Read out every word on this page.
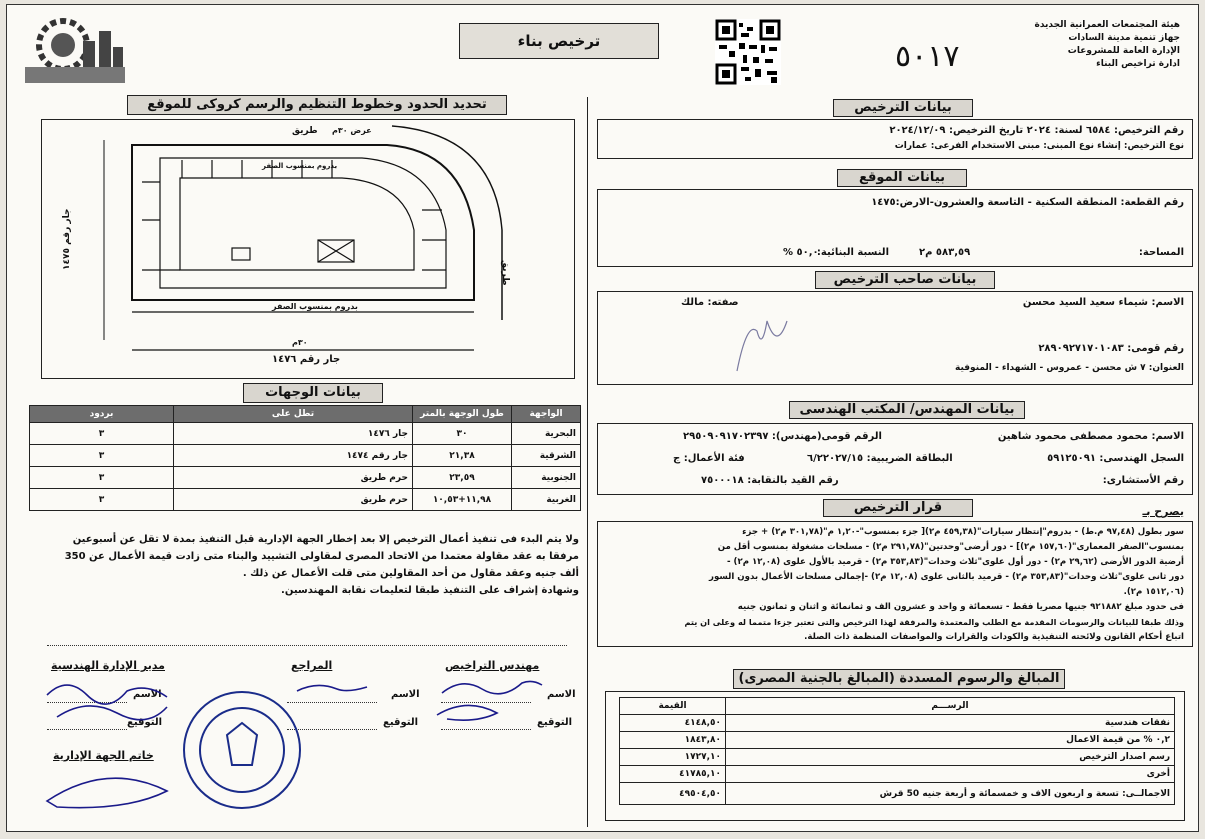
ترخيص بناء	٥٠١٧
هيئة المجتمعات العمرانية الجديدة
جهاز تنمية مدينة السادات
الإدارة العامة للمشروعات
ادارة تراخيص البناء
تحديد الحدود وخطوط التنظيم والرسم كروكى للموقع
طريق عرض ٣٠م
بدروم بمنسوب الصفر
بدروم بمنسوب الصفر
٣٠م
جار رقم ١٤٧٦
جار رقم ١٤٧٥
طريق
بيانات الوجهات
الواجهة	طول الوجهة بالمتر	تطل على	بردود
البحرية	٣٠	جار ١٤٧٦	٣
الشرقية	٢١,٣٨	جار رقم ١٤٧٤	٣
الجنوبية	٢٣,٥٩	حرم طريق	٣
الغربية	١١,٩٨+١٠,٥٣	حرم طريق	٣
ولا يتم البدء فى تنفيذ أعمال الترخيص إلا بعد إخطار الجهة الإدارية قبل التنفيذ بمدة لا تقل عن أسبوعين
مرفقا به عقد مقاولة معتمدا من الاتحاد المصرى لمقاولى التشييد والبناء متى زادت قيمة الأعمال عن 350
ألف جنيه وعقد مقاول من أحد المقاولين متى قلت الأعمال عن ذلك .
وشهادة إشراف على التنفيذ طبقا لتعليمات نقابة المهندسين.
مدير الإدارة الهندسية	المراجع	مهندس التراخيص
الاسم
التوقيع
الاسم
التوقيع
الاسم
التوقيع
خاتم الجهة الإدارية
بيانات الترخيص
رقم الترخيص: ٦٥٨٤ لسنة: ٢٠٢٤ تاريخ الترخيص: ٢٠٢٤/١٢/٠٩
نوع الترخيص: إنشاء نوع المبنى: مبنى الاستخدام الفرعى: عمارات
بيانات الموقع
رقم القطعة: المنطقة السكنية - التاسعة والعشرون-الارض:١٤٧٥
المساحة:
٥٨٣,٥٩ م٢
النسبة البنائية:
٥٠,٠ %
بيانات صاحب الترخيص
الاسم: شيماء سعيد السيد محسن
صفته: مالك
رقم قومى: ٢٨٩٠٩٢٧١٧٠١٠٨٣
العنوان: ٧ ش محسن - عمروس - الشهداء - المنوفية
بيانات المهندس/ المكتب الهندسى
الاسم: محمود مصطفى محمود شاهين
الرقم قومى(مهندس): ٢٩٥٠٩٠٩١٧٠٢٣٩٧
السجل الهندسى: ٥٩١٢٥٠٩١
البطاقة الضريبية: ٦/٢٢٠٢٧/١٥
فئة الأعمال: ج
رقم الأستشارى:
رقم القيد بالنقابة: ٧٥٠٠٠١٨
يصرح بـ
قرار الترخيص
سور بطول (٩٧,٤٨ م.ط) - بدروم"إنتظار سيارات"(٤٥٩,٣٨ م٢)[ جزء بمنسوب"-١,٢٠ م"(٣٠١,٧٨ م٢) + جزء
بمنسوب"الصفر المعمارى"(١٥٧,٦٠ م٢)] - دور أرضى"وحدتين"(٢٩١,٧٨ م٢) - مسلحات مشغولة بمنسوب أقل من
أرضية الدور الأرضى (٢٩,٦٢ م٢) - دور أول علوى"ثلاث وحدات"(٣٥٣,٨٣ م٢) - قرميد بالأول علوى (١٢,٠٨ م٢) -
دور ثانى علوى"ثلاث وحدات"(٣٥٣,٨٣ م٢) - قرميد بالثانى علوى (١٢,٠٨ م٢) -إجمالى مسلحات الأعمال بدون السور
(١٥١٢,٠٦ م٢).
فى حدود مبلغ ٩٢١٨٨٢ جنيها مصريا فقط - تسعمائة و واحد و عشرون الف و ثمانمائة و اثنان و ثمانون جنيه
وذلك طبقا للبيانات والرسومات المقدمة مع الطلب والمعتمدة والمرفقة لهذا الترخيص والتى تعتبر جزءا متمما له وعلى ان يتم
اتباع أحكام القانون ولائحته التنفيذية والكودات والقرارات والمواصفات المنظمة ذات الصلة.
المبالغ والرسوم المسددة (المبالغ بالجنية المصرى)
الرســـم	القيمة
نفقات هندسية	٤١٤٨,٥٠
٠,٢ % من قيمة الاعمال	١٨٤٣,٨٠
رسم اصدار الترخيص	١٧٢٧,١٠
أخرى	٤١٧٨٥,١٠
الاجمالــى: تسعة و اربعون الاف و خمسمائة و أربعة جنيه 50 قرش	٤٩٥٠٤,٥٠
